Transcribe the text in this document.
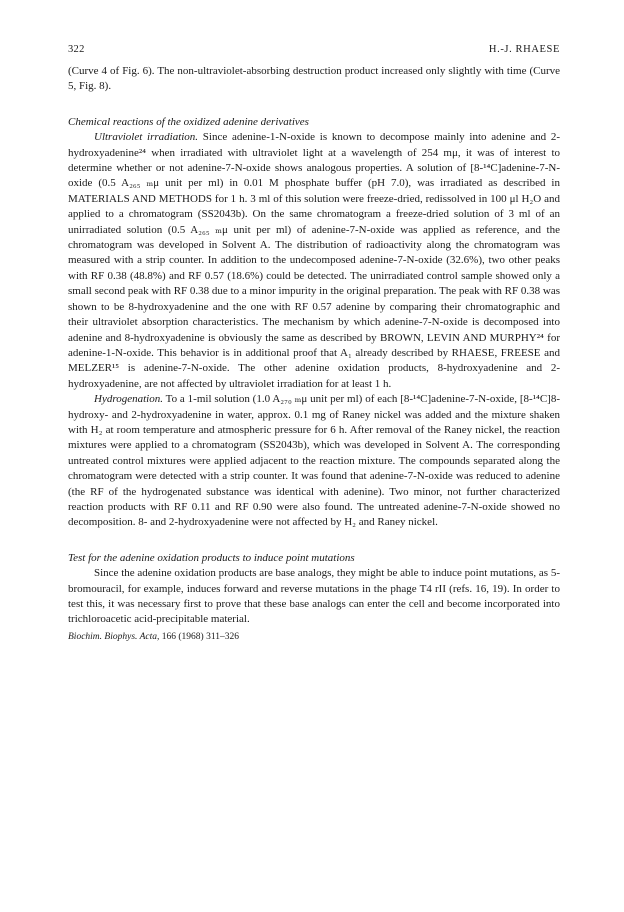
322	H.-J. RHAESE

(Curve 4 of Fig. 6). The non-ultraviolet-absorbing destruction product increased only slightly with time (Curve 5, Fig. 8).

Chemical reactions of the oxidized adenine derivatives

Ultraviolet irradiation. Since adenine-1-N-oxide is known to decompose mainly into adenine and 2-hydroxyadenine²⁴ when irradiated with ultraviolet light at a wavelength of 254 mμ, it was of interest to determine whether or not adenine-7-N-oxide shows analogous properties. A solution of [8-¹⁴C]adenine-7-N-oxide (0.5 A₂₆₅ ₘμ unit per ml) in 0.01 M phosphate buffer (pH 7.0), was irradiated as described in MATERIALS AND METHODS for 1 h. 3 ml of this solution were freeze-dried, redissolved in 100 μl H₂O and applied to a chromatogram (SS2043b). On the same chromatogram a freeze-dried solution of 3 ml of an unirradiated solution (0.5 A₂₆₅ ₘμ unit per ml) of adenine-7-N-oxide was applied as reference, and the chromatogram was developed in Solvent A. The distribution of radioactivity along the chromatogram was measured with a strip counter. In addition to the undecomposed adenine-7-N-oxide (32.6%), two other peaks with RF 0.38 (48.8%) and RF 0.57 (18.6%) could be detected. The unirradiated control sample showed only a small second peak with RF 0.38 due to a minor impurity in the original preparation. The peak with RF 0.38 was shown to be 8-hydroxyadenine and the one with RF 0.57 adenine by comparing their chromatographic and their ultraviolet absorption characteristics. The mechanism by which adenine-7-N-oxide is decomposed into adenine and 8-hydroxyadenine is obviously the same as described by BROWN, LEVIN AND MURPHY²⁴ for adenine-1-N-oxide. This behavior is in additional proof that A₁ already described by RHAESE, FREESE and MELZER¹⁵ is adenine-7-N-oxide. The other adenine oxidation products, 8-hydroxyadenine and 2-hydroxyadenine, are not affected by ultraviolet irradiation for at least 1 h.

Hydrogenation. To a 1-mil solution (1.0 A₂₇₀ ₘμ unit per ml) of each [8-¹⁴C]adenine-7-N-oxide, [8-¹⁴C]8-hydroxy- and 2-hydroxyadenine in water, approx. 0.1 mg of Raney nickel was added and the mixture shaken with H₂ at room temperature and atmospheric pressure for 6 h. After removal of the Raney nickel, the reaction mixtures were applied to a chromatogram (SS2043b), which was developed in Solvent A. The corresponding untreated control mixtures were applied adjacent to the reaction mixture. The compounds separated along the chromatogram were detected with a strip counter. It was found that adenine-7-N-oxide was reduced to adenine (the RF of the hydrogenated substance was identical with adenine). Two minor, not further characterized reaction products with RF 0.11 and RF 0.90 were also found. The untreated adenine-7-N-oxide showed no decomposition. 8- and 2-hydroxyadenine were not affected by H₂ and Raney nickel.

Test for the adenine oxidation products to induce point mutations

Since the adenine oxidation products are base analogs, they might be able to induce point mutations, as 5-bromouracil, for example, induces forward and reverse mutations in the phage T4 rII (refs. 16, 19). In order to test this, it was necessary first to prove that these base analogs can enter the cell and become incorporated into trichloroacetic acid-precipitable material.

Biochim. Biophys. Acta, 166 (1968) 311–326
